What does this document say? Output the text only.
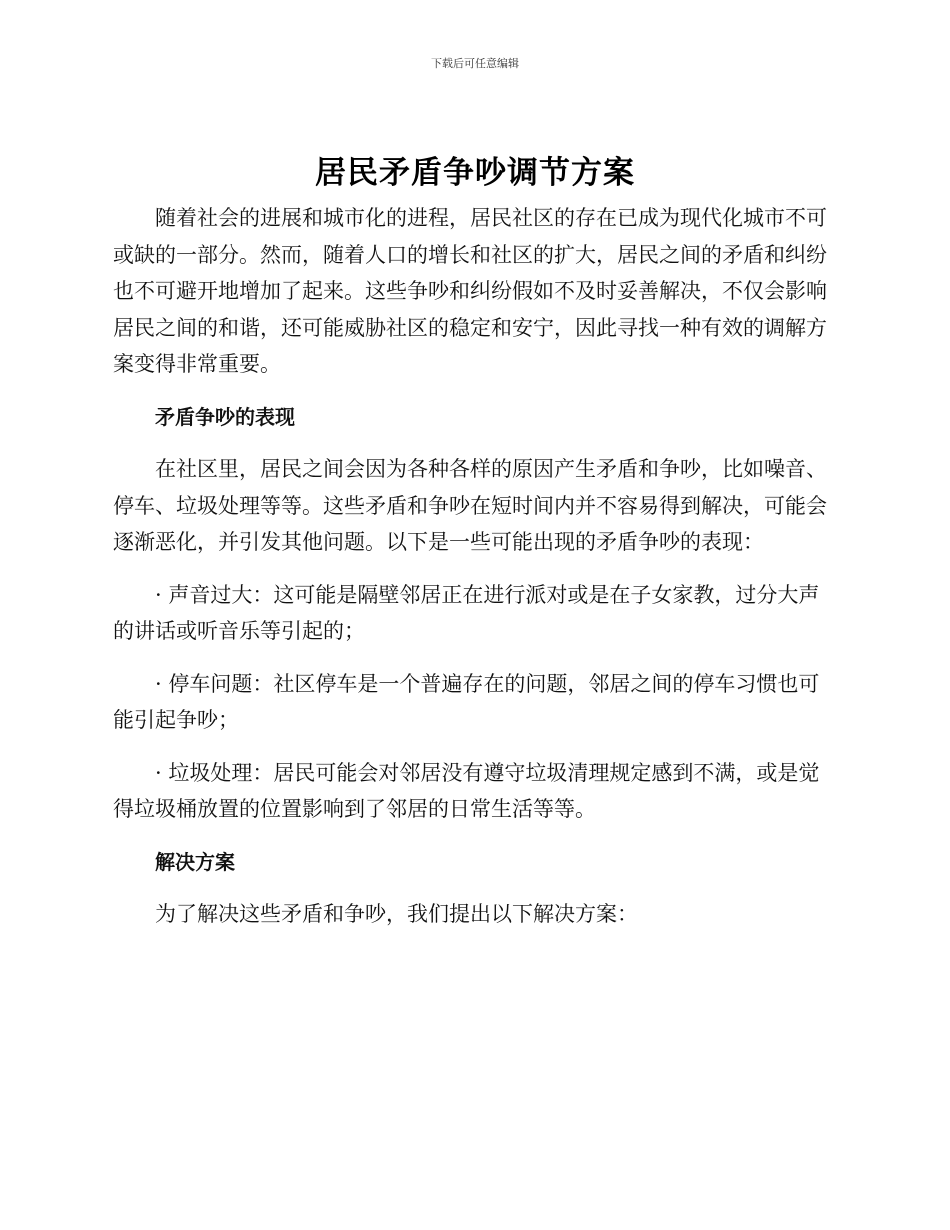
下载后可任意编辑
居民矛盾争吵调节方案

随着社会的进展和城市化的进程，居民社区的存在已成为现代化城市不可或缺的一部分。然而，随着人口的增长和社区的扩大，居民之间的矛盾和纠纷也不可避开地增加了起来。这些争吵和纠纷假如不及时妥善解决，不仅会影响居民之间的和谐，还可能威胁社区的稳定和安宁，因此寻找一种有效的调解方案变得非常重要。

矛盾争吵的表现

在社区里，居民之间会因为各种各样的原因产生矛盾和争吵，比如噪音、停车、垃圾处理等等。这些矛盾和争吵在短时间内并不容易得到解决，可能会逐渐恶化，并引发其他问题。以下是一些可能出现的矛盾争吵的表现：

· 声音过大：这可能是隔壁邻居正在进行派对或是在子女家教，过分大声的讲话或听音乐等引起的；

· 停车问题：社区停车是一个普遍存在的问题，邻居之间的停车习惯也可能引起争吵；

· 垃圾处理：居民可能会对邻居没有遵守垃圾清理规定感到不满，或是觉得垃圾桶放置的位置影响到了邻居的日常生活等等。

解决方案

为了解决这些矛盾和争吵，我们提出以下解决方案：
